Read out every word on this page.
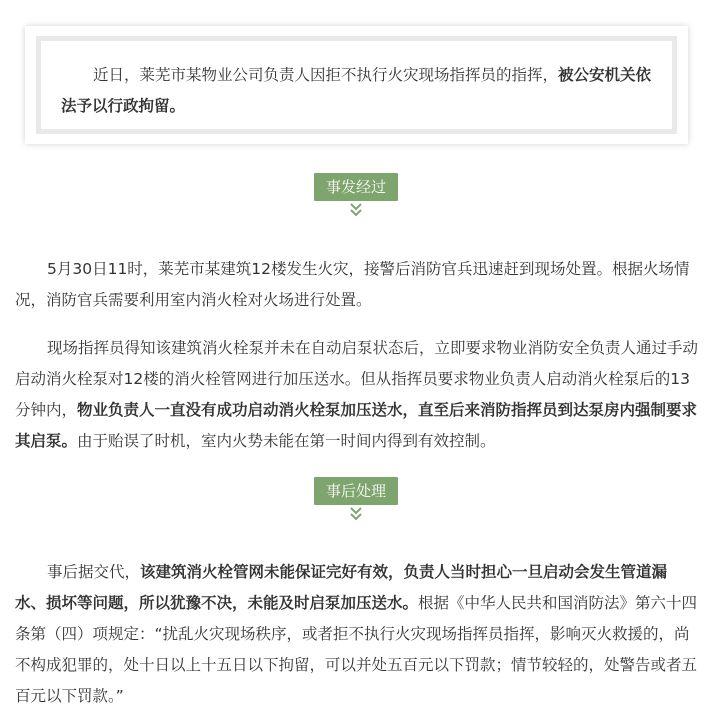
近日，莱芜市某物业公司负责人因拒不执行火灾现场指挥员的指挥，被公安机关依法予以行政拘留。
事发经过

5月30日11时，莱芜市某建筑12楼发生火灾，接警后消防官兵迅速赶到现场处置。根据火场情况，消防官兵需要利用室内消火栓对火场进行处置。

现场指挥员得知该建筑消火栓泵并未在自动启泵状态后，立即要求物业消防安全负责人通过手动启动消火栓泵对12楼的消火栓管网进行加压送水。但从指挥员要求物业负责人启动消火栓泵后的13分钟内，物业负责人一直没有成功启动消火栓泵加压送水，直至后来消防指挥员到达泵房内强制要求其启泵。由于贻误了时机，室内火势未能在第一时间内得到有效控制。

事后处理

事后据交代，该建筑消火栓管网未能保证完好有效，负责人当时担心一旦启动会发生管道漏水、损坏等问题，所以犹豫不决，未能及时启泵加压送水。根据《中华人民共和国消防法》第六十四条第（四）项规定：“扰乱火灾现场秩序，或者拒不执行火灾现场指挥员指挥，影响灭火救援的，尚不构成犯罪的，处十日以上十五日以下拘留，可以并处五百元以下罚款；情节较轻的，处警告或者五百元以下罚款。”
